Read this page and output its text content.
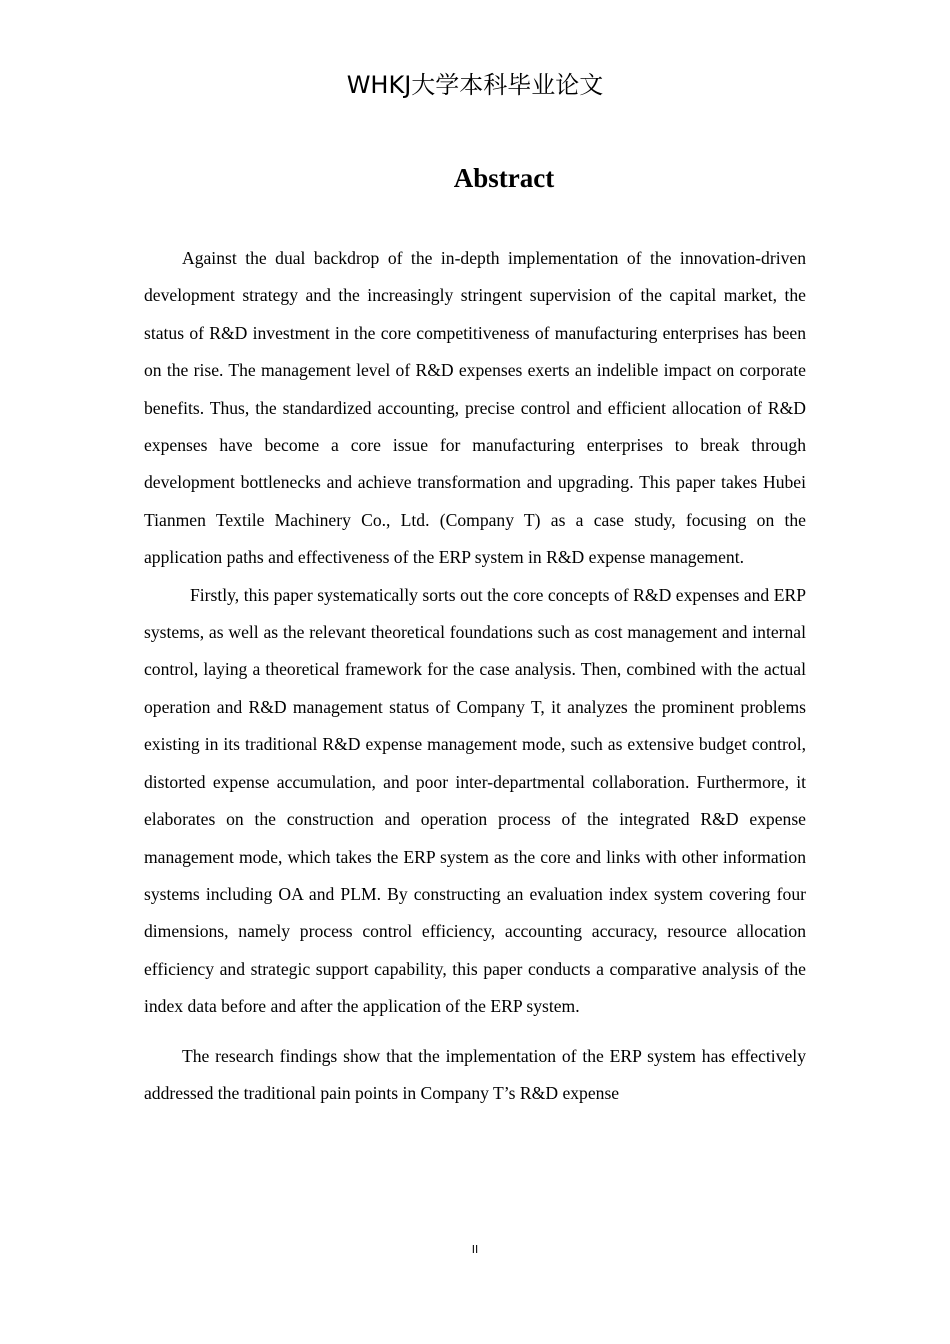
WHKJ大学本科毕业论文
Abstract

Against the dual backdrop of the in-depth implementation of the innovation-driven development strategy and the increasingly stringent supervision of the capital market, the status of R&D investment in the core competitiveness of manufacturing enterprises has been on the rise. The management level of R&D expenses exerts an indelible impact on corporate benefits. Thus, the standardized accounting, precise control and efficient allocation of R&D expenses have become a core issue for manufacturing enterprises to break through development bottlenecks and achieve transformation and upgrading. This paper takes Hubei Tianmen Textile Machinery Co., Ltd. (Company T) as a case study, focusing on the application paths and effectiveness of the ERP system in R&D expense management.

Firstly, this paper systematically sorts out the core concepts of R&D expenses and ERP systems, as well as the relevant theoretical foundations such as cost management and internal control, laying a theoretical framework for the case analysis. Then, combined with the actual operation and R&D management status of Company T, it analyzes the prominent problems existing in its traditional R&D expense management mode, such as extensive budget control, distorted expense accumulation, and poor inter-departmental collaboration. Furthermore, it elaborates on the construction and operation process of the integrated R&D expense management mode, which takes the ERP system as the core and links with other information systems including OA and PLM. By constructing an evaluation index system covering four dimensions, namely process control efficiency, accounting accuracy, resource allocation efficiency and strategic support capability, this paper conducts a comparative analysis of the index data before and after the application of the ERP system.

The research findings show that the implementation of the ERP system has effectively addressed the traditional pain points in Company T’s R&D expense

II
